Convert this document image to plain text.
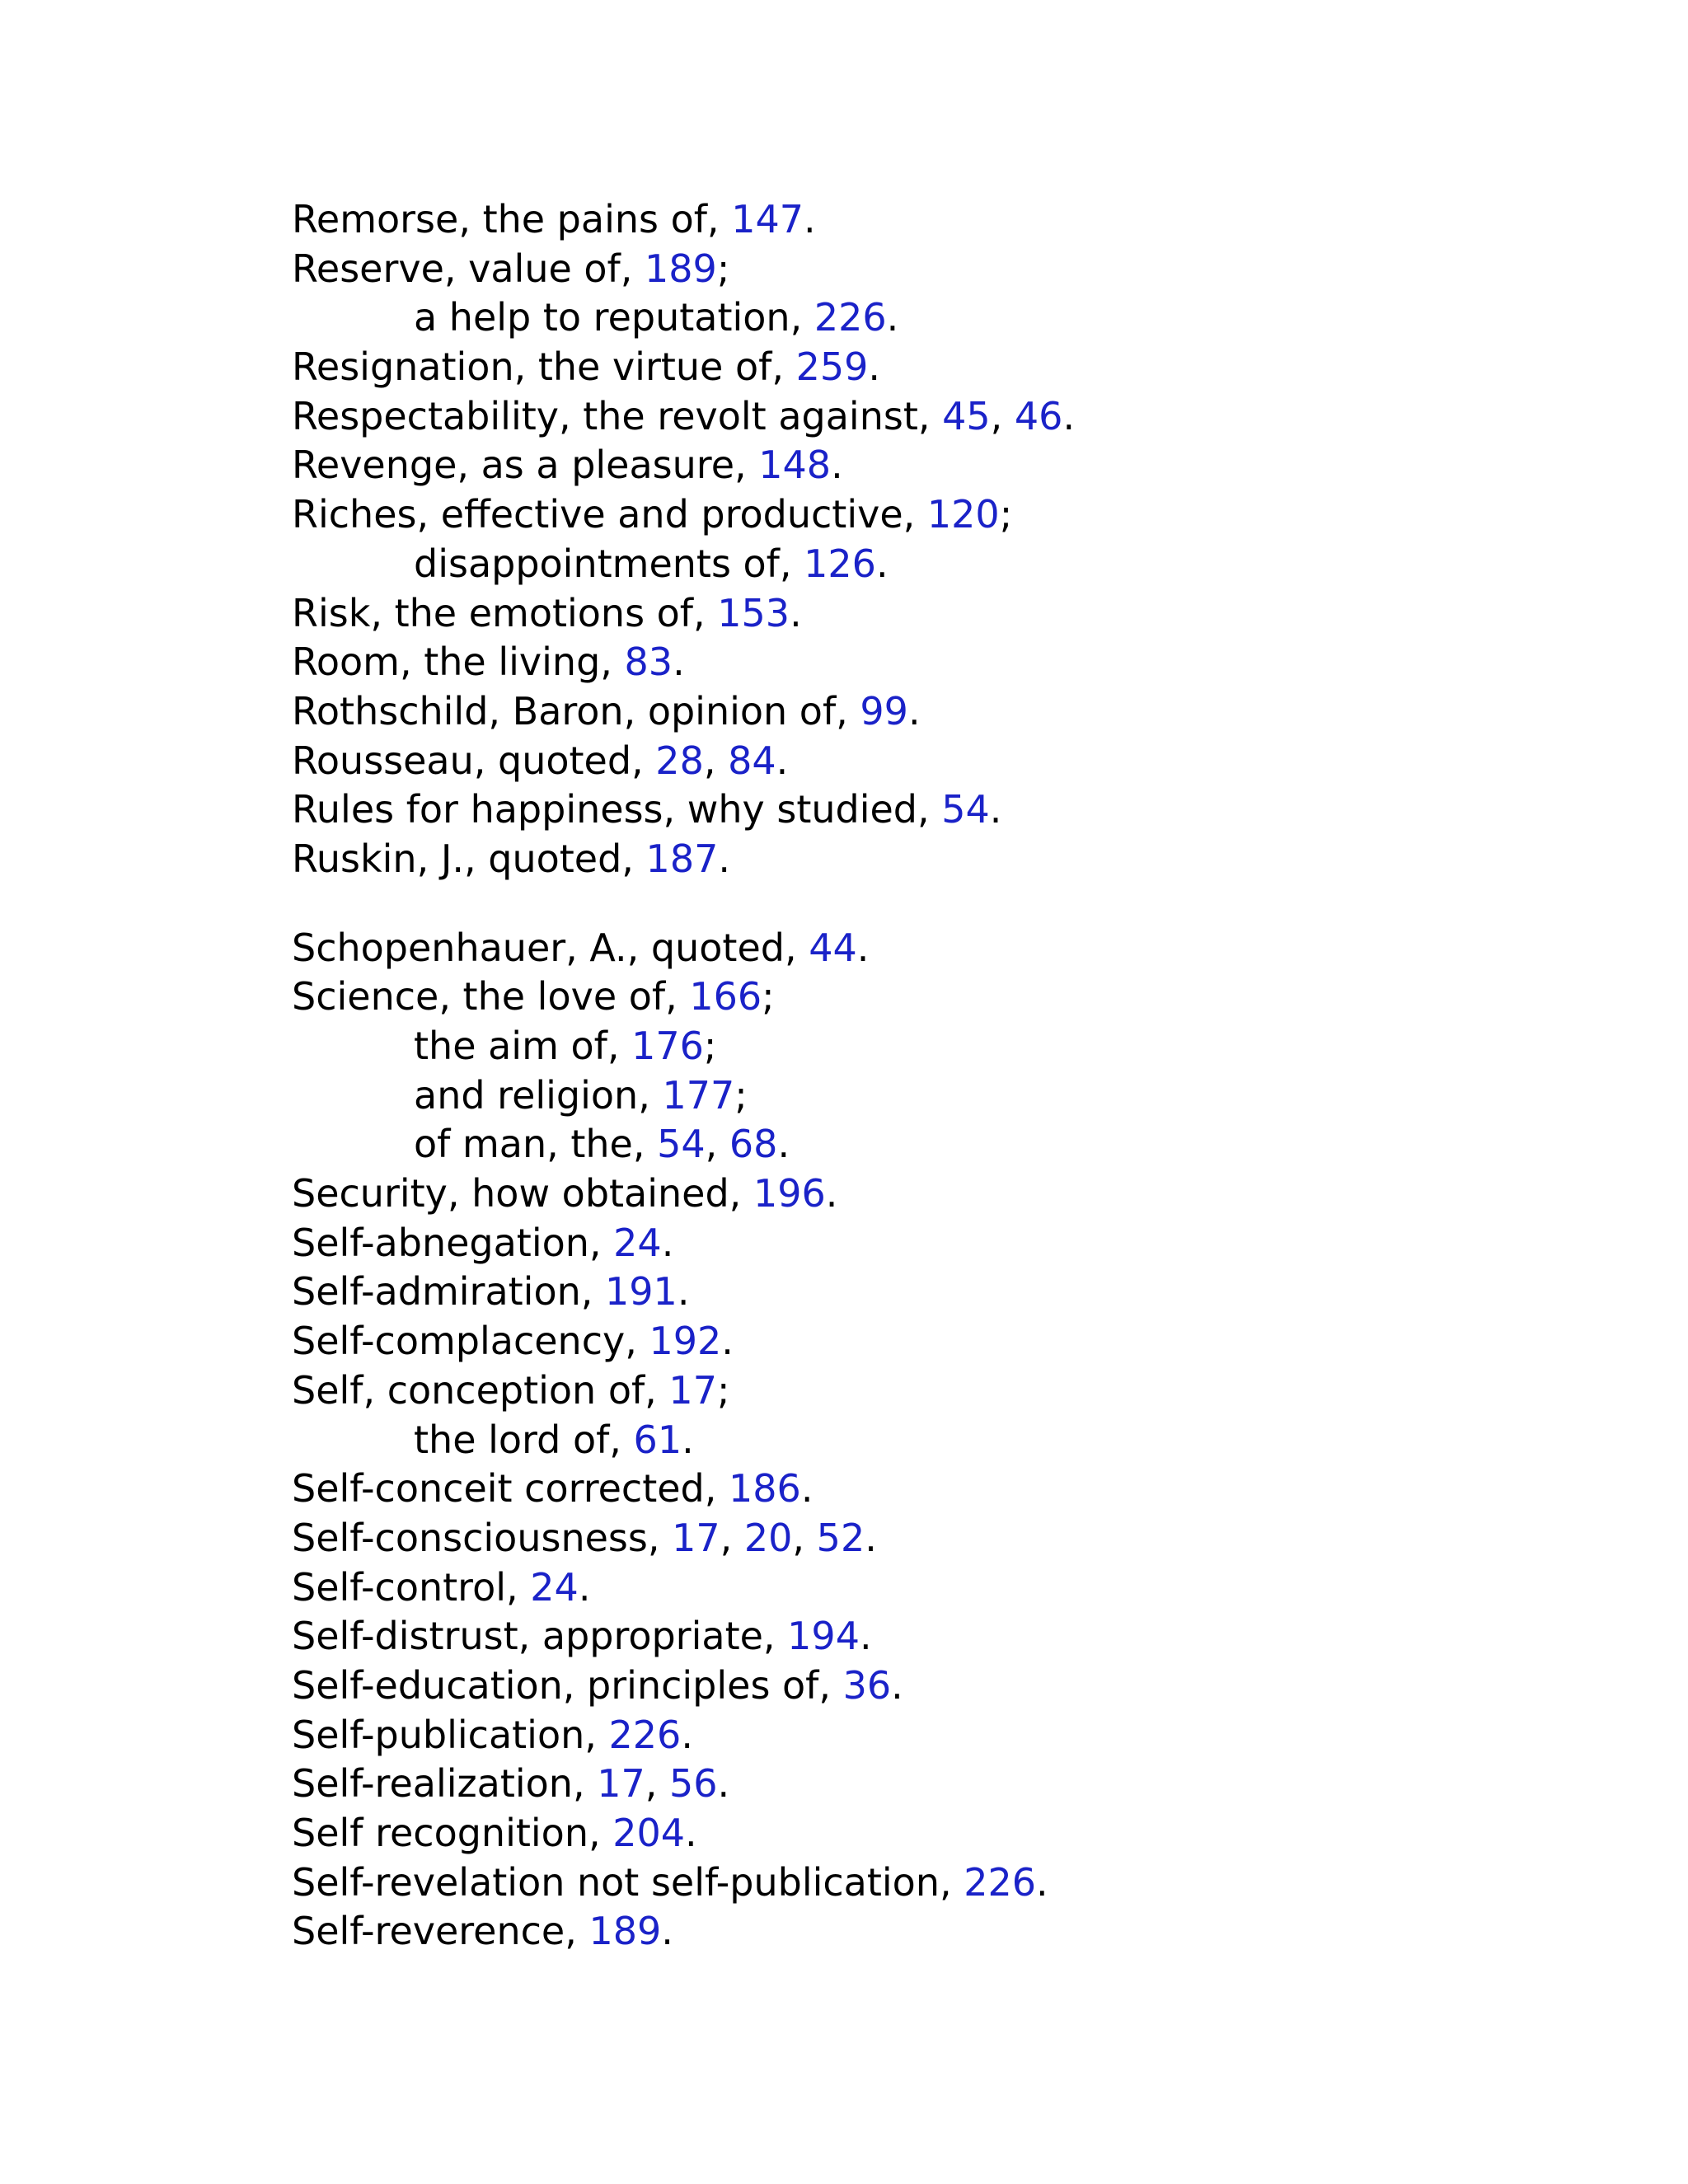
Remorse, the pains of, 147.
Reserve, value of, 189;
a help to reputation, 226.
Resignation, the virtue of, 259.
Respectability, the revolt against, 45, 46.
Revenge, as a pleasure, 148.
Riches, effective and productive, 120;
disappointments of, 126.
Risk, the emotions of, 153.
Room, the living, 83.
Rothschild, Baron, opinion of, 99.
Rousseau, quoted, 28, 84.
Rules for happiness, why studied, 54.
Ruskin, J., quoted, 187.
Schopenhauer, A., quoted, 44.
Science, the love of, 166;
the aim of, 176;
and religion, 177;
of man, the, 54, 68.
Security, how obtained, 196.
Self-abnegation, 24.
Self-admiration, 191.
Self-complacency, 192.
Self, conception of, 17;
the lord of, 61.
Self-conceit corrected, 186.
Self-consciousness, 17, 20, 52.
Self-control, 24.
Self-distrust, appropriate, 194.
Self-education, principles of, 36.
Self-publication, 226.
Self-realization, 17, 56.
Self recognition, 204.
Self-revelation not self-publication, 226.
Self-reverence, 189.
